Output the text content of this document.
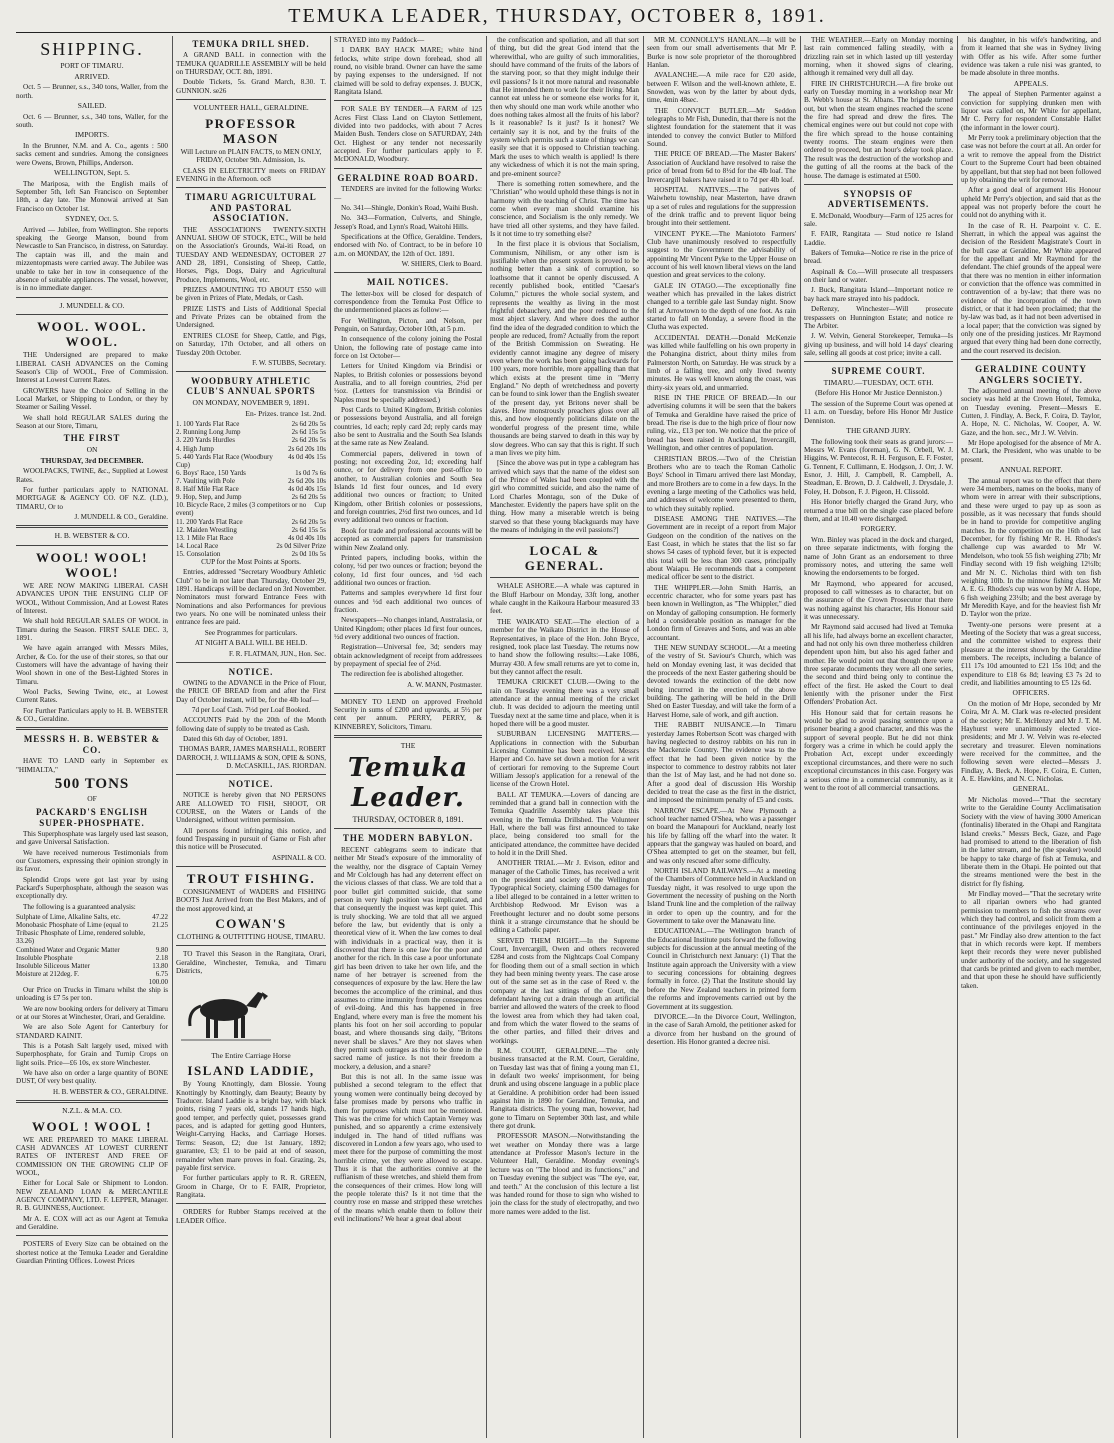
TEMUKA LEADER, THURSDAY, OCTOBER 8, 1891.
SHIPPING.
PORT OF TIMARU.
ARRIVED.

Oct. 5 — Brunner, s.s., 340 tons, Waller, from the north.

SAILED.

Oct. 6 — Brunner, s.s., 340 tons, Waller, for the south.

IMPORTS.

In the Brunner, N.M. and A. Co., agents : 500 sacks cement and sundries. Among the consignees were Owens, Brown, Phillips, Anderson.

WELLINGTON, Sept. 5.

The Mariposa, with the English mails of September 5th, left San Francisco on September 18th, a day late. The Monowai arrived at San Francisco on October 1st.

SYDNEY, Oct. 5.

Arrived — Jubilee, from Wellington. She reports speaking the George Manson, bound from Newcastle to San Francisco, in distress, on Saturday. The captain was ill, and the main and mizzentopmasts were carried away. The Jubilee was unable to take her in tow in consequence of the absence of suitable appliances. The vessel, however, is in no immediate danger.

J. MUNDELL & CO.
WOOL. WOOL. WOOL.

THE Undersigned are prepared to make LIBERAL CASH ADVANCES on the Coming Season's Clip of WOOL, Free of Commission. Interest at Lowest Current Rates.

GROWERS have the Choice of Selling in the Local Market, or Shipping to London, or they by Steamer or Sailing Vessel.

We shall hold REGULAR SALES during the Season at our Store, Timaru,

THE FIRST
ON
THURSDAY, 3rd DECEMBER.

WOOLPACKS, TWINE, &c., Supplied at Lowest Rates.

For further particulars apply to NATIONAL MORTGAGE & AGENCY CO. OF N.Z. (LD.), TIMARU, Or to

J. MUNDELL & CO., Geraldine.

H. B. WEBSTER & CO.
WOOL! WOOL! WOOL!

WE ARE NOW MAKING LIBERAL CASH ADVANCES UPON THE ENSUING CLIP OF WOOL, Without Commission, And at Lowest Rates of Interest.

We shall hold REGULAR SALES OF WOOL in Timaru during the Season. FIRST SALE DEC. 3, 1891.

We have again arranged with Messrs Miles, Archer, & Co. for the use of their stores, so that our Customers will have the advantage of having their Wool shown in one of the Best-Lighted Stores in Timaru.

Wool Packs, Sewing Twine, etc., at Lowest Current Rates.

For Further Particulars apply to H. B. WEBSTER & CO., Geraldine.

MESSRS H. B. WEBSTER & CO.

HAVE TO LAND early in September ex "HIMIALTA,"

500 TONS
OF
PACKARD'S ENGLISH SUPER-PHOSPHATE.

This Superphosphate was largely used last season, and gave Universal Satisfaction.

We have received numerous Testimonials from our Customers, expressing their opinion strongly in its favor.

Splendid Crops were got last year by using Packard's Superphosphate, although the season was exceptionally dry.

The following is a guaranteed analysis:

Sulphate of Lime, Alkaline Salts, etc.	47.22
Monobasic Phosphate of Lime (equal to Tribasic Phosphate of Lime, rendered soluble, 33.26)
21.25
Combined Water and Organic Matter	9.80
Insoluble Phosphate	2.18
Insoluble Siliceous Matter	13.80
Moisture at 212deg. F.	6.75
100.00

Our Price on Trucks in Timaru whilst the ship is unloading is £7 5s per ton.

We are now booking orders for delivery at Timaru or at our Stores at Winchester, Orari, and Geraldine.

We are also Sole Agent for Canterbury for STANDARD KAINIT.

This is a Potash Salt largely used, mixed with Superphosphate, for Grain and Turnip Crops on light soils. Price—£6 10s, ex store Winchester.

We have also on order a large quantity of BONE DUST, Of very best quality.

H. B. WEBSTER & CO., GERALDINE.

N.Z.L. & M.A. CO.
WOOL ! WOOL !

WE ARE PREPARED TO MAKE LIBERAL CASH ADVANCES AT LOWEST CURRENT RATES OF INTEREST AND FREE OF COMMISSION ON THE GROWING CLIP OF WOOL,

Either for Local Sale or Shipment to London. NEW ZEALAND LOAN & MERCANTILE AGENCY COMPANY, LTD. F. LEPPER, Manager. R. B. GUINNESS, Auctioneer.

Mr A. E. COX will act as our Agent at Temuka and Geraldine.

POSTERS of Every Size can be obtained on the shortest notice at the Temuka Leader and Geraldine Guardian Printing Offices. Lowest Prices

TEMUKA DRILL SHED.

A GRAND BALL in connection with the TEMUKA QUADRILLE ASSEMBLY will be held on THURSDAY, OCT. 8th, 1891.

Double Tickets, 5s. Grand March, 8.30. T. GUNNION. se26

VOLUNTEER HALL, GERALDINE.
PROFESSOR MASON

Will Lecture on PLAIN FACTS, to MEN ONLY, FRIDAY, October 9th. Admission, 1s.

CLASS IN ELECTRICITY meets on FRIDAY EVENING in the Afternoon. oc8

TIMARU AGRICULTURAL AND PASTORAL ASSOCIATION.

THE ASSOCIATION'S TWENTY-SIXTH ANNUAL SHOW OF STOCK, ETC., Will be held on the Association's Grounds, Wai-iti Road, on TUESDAY AND WEDNESDAY, OCTOBER 27 AND 28, 1891, Consisting of Sheep, Cattle, Horses, Pigs, Dogs, Dairy and Agricultural Produce, Implements, Wool, etc.

PRIZES AMOUNTING TO ABOUT £550 will be given in Prizes of Plate, Medals, or Cash.

PRIZE LISTS and Lists of Additional Special and Private Prizes can be obtained from the Undersigned.

ENTRIES CLOSE for Sheep, Cattle, and Pigs, on Saturday, 17th October, and all others on Tuesday 20th October.

F. W. STUBBS, Secretary.

WOODBURY ATHLETIC CLUB'S ANNUAL SPORTS
ON MONDAY, NOVEMBER 9, 1891.
En- Prizes. trance 1st. 2nd.
1. 100 Yards Flat Race	2s 6d 20s 5s
2. Running Long Jump	2s 6d 15s 5s
3. 220 Yards Hurdles	2s 6d 20s 5s
4. High Jump	2s 6d 20s 10s
5. 440 Yards Flat Race (Woodbury Cup)
4s 0d 40s 15s
6. Boys' Race, 150 Yards	1s 0d 7s 6s
7. Vaulting with Pole	2s 6d 20s 10s
8. Half Mile Flat Race	4s 0d 40s 15s
9. Hop, Step, and Jump	2s 6d 20s 5s
10. Bicycle Race, 2 miles (3 competitors or no event)
Cup
11. 200 Yards Flat Race	2s 6d 20s 5s
12. Maiden Wrestling	2s 6d 15s 5s
13. 1 Mile Flat Race	4s 0d 40s 10s
14. Local Race	2s 0d Silver Prize
15. Consolation	2s 0d 10s 5s

CUP for the Most Points at Sports.

Entries, addressed "Secretary Woodbury Athletic Club" to be in not later than Thursday, October 29, 1891. Handicaps will be declared on 3rd November. Nominators must forward Entrance Fees with Nominations and also Performances for previous two years. No one will be nominated unless their entrance fees are paid.

See Programmes for particulars.

AT NIGHT A BALL WILL BE HELD.

F. R. FLATMAN, JUN., Hon. Sec.

NOTICE.

OWING to the ADVANCE in the Price of Flour, the PRICE OF BREAD from and after the First Day of October instant, will be, for the 4lb loaf—

7d per Loaf Cash. 7½d per Loaf Booked.

ACCOUNTS Paid by the 20th of the Month following date of supply to be treated as Cash.

Dated this 6th day of October, 1891.

THOMAS BARR, JAMES MARSHALL, ROBERT DARROCH, J. WILLIAMS & SON, OPIE & SONS, D. McCASKILL, JAS. RIORDAN.

NOTICE.

NOTICE is hereby given that NO PERSONS ARE ALLOWED TO FISH, SHOOT, OR COURSE, on the Waters or Lands of the Undersigned, without written permission.

All persons found infringing this notice, and found Trespassing in pursuit of Game or Fish after this notice will be Prosecuted.

ASPINALL & CO.

TROUT FISHING.

CONSIGNMENT of WADERS and FISHING BOOTS Just Arrived from the Best Makers, and of the most approved kind, at

COWAN'S

CLOTHING & OUTFITTING HOUSE, TIMARU.

TO Travel this Season in the Rangitata, Orari, Geraldine, Winchester, Temuka, and Timaru Districts,

The Entire Carriage Horse
ISLAND LADDIE,

By Young Knottingly, dam Blossie. Young Knottingly by Knottingly, dam Beauty; Beauty by Traducer. Island Laddie is a bright bay, with black points, rising 7 years old, stands 17 hands high, good temper, and perfectly quiet, possesses grand paces, and is adapted for getting good Hunters, Weight-Carrying Hacks, and Carriage Horses. Terms: Season, £2; due 1st January, 1892; guarantee, £3; £1 to be paid at end of season, remainder when mare proves in foal. Grazing, 2s, payable first service.

For further particulars apply to R. R. GREEN, Groom in Charge, Or to F. FAIR, Proprietor, Rangitata.

ORDERS for Rubber Stamps received at the LEADER Office.

STRAYED into my Paddock—

1 DARK BAY HACK MARE; white hind fetlocks, white stripe down forehead, shod all round, no visible brand. Owner can have the same by paying expenses to the undersigned. If not claimed will be sold to defray expenses. J. BUCK, Rangitata Island.

FOR SALE BY TENDER—A FARM of 125 Acres First Class Land on Clayton Settlement, divided into two paddocks, with about 7 Acres Maiden Bush. Tenders close on SATURDAY, 24th Oct. Highest or any tender not necessarily accepted. For further particulars apply to F. McDONALD, Woodbury.

GERALDINE ROAD BOARD.

TENDERS are invited for the following Works:—

No. 341—Shingle, Donkin's Road, Waihi Bush.

No. 343—Formation, Culverts, and Shingle, Jessep's Road, and Lynn's Road, Waitohi Hills.

Specifications at the Office, Geraldine. Tenders, endorsed with No. of Contract, to be in before 10 a.m. on MONDAY, the 12th of Oct. 1891.

W. SHIERS, Clerk to Board.

MAIL NOTICES.

The letter-box will be closed for despatch of correspondence from the Temuka Post Office to the undermentioned places as follow:—

For Wellington, Picton, and Nelson, per Penguin, on Saturday, October 10th, at 5 p.m.

In consequence of the colony joining the Postal Union, the following rate of postage came into force on 1st October—

Letters for United Kingdom via Brindisi or Naples, to British colonies or possessions beyond Australia, and to all foreign countries, 2½d per ½oz. (Letters for transmission via Brindisi or Naples must be specially addressed.)

Post Cards to United Kingdom, British colonies or possessions beyond Australia, and all foreign countries, 1d each; reply card 2d; reply cards may also be sent to Australia and the South Sea Islands at the same rate as New Zealand.

Commercial papers, delivered in town of posting; not exceeding 2oz, 1d; exceeding half ounce, or for delivery from one post-office to another, to Australian colonies and South Sea Islands 1d first four ounces, and 1d every additional two ounces or fraction; to United Kingdom, other British colonies or possessions, and foreign countries, 2½d first two ounces, and 1d every additional two ounces or fraction.

Book for trade and professional accounts will be accepted as commercial papers for transmission within New Zealand only.

Printed papers, including books, within the colony, ½d per two ounces or fraction; beyond the colony, 1d first four ounces, and ½d each additional two ounces or fraction.

Patterns and samples everywhere 1d first four ounces and ½d each additional two ounces of fraction.

Newspapers—No changes inland, Australasia, or United Kingdom; other places 1d first four ounces, ½d every additional two ounces of fraction.

Registration—Universal fee, 3d; senders may obtain acknowledgment of receipt from addressees by prepayment of special fee of 2½d.

The redirection fee is abolished altogether.

A. W. MANN, Postmaster.

MONEY TO LEND on approved Freehold Security in sums of £200 and upwards, at 5½ per cent per annum. PERRY, PERRY, & KINNEBREY, Solicitors, Timaru.

THE
Temuka Leader.
THURSDAY, OCTOBER 8, 1891.
THE MODERN BABYLON.

RECENT cablegrams seem to indicate that neither Mr Stead's exposure of the immorality of the wealthy, nor the disgrace of Captain Verney and Mr Colclough has had any deterrent effect on the vicious classes of that class. We are told that a poor bullet girl committed suicide, that some person in very high position was implicated, and that consequently the inquest was kept quiet. This is truly shocking. We are told that all we argued before the law, but evidently that is only a theoretical view of it. When the law comes to deal with individuals in a practical way, then it is discovered that there is one law for the poor and another for the rich. In this case a poor unfortunate girl has been driven to take her own life, and the name of her betrayer is screened from the consequences of exposure by the law. Here the law becomes the accomplice of the criminal, and thus assumes to crime immunity from the consequences of evil-doing. And this has happened in free England, where every man is free the moment his plants his foot on her soil according to popular boast, and where thousands sing daily, "Britons never shall be slaves." Are they not slaves when they permit such outrages as this to be done in the sacred name of justice. Is not their freedom a mockery, a delusion, and a snare?

But this is not all. In the same issue was published a second telegram to the effect that young women were continually being decoyed by false promises made by persons who traffic in them for purposes which must not be mentioned. This was the crime for which Captain Verney was punished, and so apparently a crime extensively indulged in. The hand of titled ruffians was discovered in London a few years ago, who used to meet there for the purpose of committing the most horrible crime, yet they were allowed to escape. Thus it is that the authorities connive at the ruffianism of these wretches, and shield them from the consequences of their crimes. How long will the people tolerate this? Is it not time that the country rose en masse and stripped these wretches of the means which enable them to follow their evil inclinations? We hear a great deal about

the confiscation and spoliation, and all that sort of thing, but did the great God intend that the wherewithal, who are guilty of such immoralities, should have command of the fruits of the labors of the starving poor, so that they might indulge their evil passions? Is it not more natural and reasonable that He intended them to work for their living. Man cannot eat unless he or someone else works for it, then why should one man work while another who does nothing takes almost all the fruits of his labor? Is it reasonable? Is it just? Is it honest? We certainly say it is not, and by the fruits of the system which permits such a state of things we can easily see that it is opposed to Christian teaching. Mark the uses to which wealth is applied! Is there any wickedness of which it is not the main spring, and pre-eminent source?

There is something rotten somewhere, and the "Christian" who would uphold these things is not in harmony with the teaching of Christ. The time has come when every man should examine his conscience, and Socialism is the only remedy. We have tried all other systems, and they have failed. Is it not time to try something else?

In the first place it is obvious that Socialism, Communism, Nihilism, or any other ism is justifiable when the present system is proved to be nothing better than a sink of corruption, so loathsome that it cannot be openly discussed. A recently published book, entitled "Caesar's Column," pictures the whole social system, and represents the wealthy as living in the most frightful debauchery, and the poor reduced to the most abject slavery. And where does the author find the idea of the degraded condition to which the people are reduced, from? Actually from the report of the British Commission on Sweating. He evidently cannot imagine any degree of misery even where the work has been going backwards for 100 years, more horrible, more appalling than that which exists at the present time in "Merry England." No depth of wretchedness and poverty can be found to sink lower than the English sweater of the present day, yet Britons never shall be slaves. How monstrously preachers gloss over all this, and how eloquently politicians dilate on the wonderful progress of the present time, while thousands are being starved to death in this way by slow degrees. Who can say that this is right. If such a man lives we pity him.

[Since the above was put in type a cablegram has arrived which says that the name of the eldest son of the Prince of Wales had been coupled with the girl who committed suicide, and also the name of Lord Charles Montagu, son of the Duke of Manchester. Evidently the papers have split on the thing. How many a miserable wretch is being starved so that these young blackguards may have the means of indulging in the evil passions?]

LOCAL & GENERAL.

WHALE ASHORE.—A whale was captured in the Bluff Harbour on Monday, 33ft long, another whale caught in the Kaikoura Harbour measured 33 feet.

THE WAIKATO SEAT.—The election of a member for the Waikato District in the House of Representatives, in place of the Hon. John Bryce, resigned, took place last Tuesday. The returns now to hand show the following results:—Lake 1086, Murray 430. A few small returns are yet to come in, but they cannot affect the result.

TEMUKA CRICKET CLUB.—Owing to the rain on Tuesday evening there was a very small attendance at the annual meeting of the cricket club. It was decided to adjourn the meeting until Tuesday next at the same time and place, when it is hoped there will be a good muster.

SUBURBAN LICENSING MATTERS.—Applications in connection with the Suburban Licensing Committee has been received. Messrs Harper and Co. have set down a motion for a writ of certiorari for removing to the Supreme Court William Jessop's application for a renewal of the license of the Crown Hotel.

BALL AT TEMUKA.—Lovers of dancing are reminded that a grand ball in connection with the Temuka Quadrille Assembly takes place this evening in the Temuka Drillshed. The Volunteer Hall, where the ball was first announced to take place, being considered too small for the anticipated attendance, the committee have decided to hold it in the Drill Shed.

ANOTHER TRIAL.—Mr J. Evison, editor and manager of the Catholic Times, has received a writ on the president and society of the Wellington Typographical Society, claiming £500 damages for a libel alleged to be contained in a letter written to Archbishop Redwood. Mr Evison was a Freethought lecturer and no doubt some persons think it a strange circumstance that he should be editing a Catholic paper.

SERVED THEM RIGHT.—In the Supreme Court, Invercargill, Owen and others recovered £284 and costs from the Nightcaps Coal Company for flooding them out of a small section in which they had been mining twenty years. The case arose out of the same set as in the case of Reed v. the company at the last sittings of the Court, the defendant having cut a drain through an artificial barrier and allowed the waters of the creek to flood the lowest area from which they had taken coal, and from which the water flowed to the seams of the other parties, and filled their drives and workings.

R.M. COURT, GERALDINE.—The only business transacted at the R.M. Court, Geraldine, on Tuesday last was that of fining a young man £1, in default two weeks' imprisonment, for being drunk and using obscene language in a public place at Geraldine. A prohibition order had been issued against him in 1890 for Geraldine, Temuka, and Rangitata districts. The young man, however, had gone to Timaru on September 30th last, and while there got drunk.

PROFESSOR MASON.—Notwithstanding the wet weather on Monday there was a large attendance at Professor Mason's lecture in the Volunteer Hall, Geraldine. Monday evening's lecture was on "The blood and its functions," and on Tuesday evening the subject was "The eye, ear, and teeth." At the conclusion of this lecture a list was handed round for those to sign who wished to join the class for the study of electropathy, and two more names were added to the list.

MR M. CONNOLLY'S HANLAN.—It will be seen from our small advertisements that Mr P. Burke is now sole proprietor of the thoroughbred Hanlan.

AVALANCHE.—A mile race for £20 aside, between F. Wilson and the well-known athlete, E. Snowden, was won by the latter by about dyds, time, 4min 48sec.

THE CONVICT BUTLER.—Mr Seddon telegraphs to Mr Fish, Dunedin, that there is not the slightest foundation for the statement that it was intended to convey the convict Butler to Milford Sound.

THE PRICE OF BREAD.—The Master Bakers' Association of Auckland have resolved to raise the price of bread from 6d to 8½d for the 4lb loaf. The Invercargill bakers have raised it to 7d per 4lb loaf.

HOSPITAL NATIVES.—The natives of Waiwhetu township, near Masterton, have drawn up a set of rules and regulations for the suppression of the drink traffic and to prevent liquor being brought into their settlement.

VINCENT PYKE.—The Maniototo Farmers' Club have unanimously resolved to respectfully suggest to the Government the advisability of appointing Mr Vincent Pyke to the Upper House on account of his well known liberal views on the land question and great services to the colony.

GALE IN OTAGO.—The exceptionally fine weather which has prevailed in the lakes district changed to a terrible gale last Sunday night. Snow fell at Arrowtown to the depth of one foot. As rain started to fall on Monday, a severe flood in the Clutha was expected.

ACCIDENTAL DEATH.—Donald McKenzie was killed while faulfelling on his own property in the Pohangina district, about thirty miles from Palmerston North, on Saturday. He was struck by a limb of a falling tree, and only lived twenty minutes. He was well known along the coast, was thirty-six years old, and unmarried.

RISE IN THE PRICE OF BREAD.—In our advertising columns it will be seen that the bakers of Temuka and Geraldine have raised the price of bread. The rise is due to the high price of flour now ruling, viz., £13 per ton. We notice that the price of bread has been raised in Auckland, Invercargill, Wellington, and other centres of population.

CHRISTIAN BROS.—Two of the Christian Brothers who are to teach the Roman Catholic Boys' School in Timaru arrived there last Monday, and more Brothers are to come in a few days. In the evening a large meeting of the Catholics was held, and addresses of welcome were presented to them, to which they suitably replied.

DISEASE AMONG THE NATIVES.—The Government are in receipt of a report from Major Gudgeon on the condition of the natives on the East Coast, in which he states that the list so far shows 54 cases of typhoid fever, but it is expected this total will be less than 300 cases, principally about Waiapu. He recommends that a competent medical officer be sent to the district.

THE WHIPPLER.—John Smith Harris, an eccentric character, who for some years past has been known in Wellington, as "The Whippler," died on Monday of galloping consumption. He formerly held a considerable position as manager for the London firm of Greaves and Sons, and was an able accountant.

THE NEW SUNDAY SCHOOL.—At a meeting of the vestry of St. Saviour's Church, which was held on Monday evening last, it was decided that the proceeds of the next Easter gathering should be devoted towards the extinction of the debt now being incurred in the erection of the above building. The gathering will be held in the Drill Shed on Easter Tuesday, and will take the form of a Harvest Home, sale of work, and gift auction.

THE RABBIT NUISANCE.—In Timaru yesterday James Robertson Scott was charged with having neglected to destroy rabbits on his run in the Mackenzie Country. The evidence was to the effect that he had been given notice by the inspector to commence to destroy rabbits not later than the 1st of May last, and he had not done so. After a good deal of discussion His Worship decided to treat the case as the first in the district, and imposed the minimum penalty of £5 and costs.

NARROW ESCAPE.—At New Plymouth a school teacher named O'Shea, who was a passenger on board the Manapouri for Auckland, nearly lost his life by falling off the wharf into the water. It appears that the gangway was hauled on board, and O'Shea attempted to get on the steamer, but fell, and was only rescued after some difficulty.

NORTH ISLAND RAILWAYS.—At a meeting of the Chambers of Commerce held in Auckland on Tuesday night, it was resolved to urge upon the Government the necessity of pushing on the North Island Trunk line and the completion of the railway in order to open up the country, and for the Government to take over the Manawatu line.

EDUCATIONAL.—The Wellington branch of the Educational Institute puts forward the following subjects for discussion at the annual meeting of the Council in Christchurch next January: (1) That the Institute again approach the University with a view to securing concessions for obtaining degrees formally in force. (2) That the Institute should lay before the New Zealand teachers in printed form the reforms and improvements carried out by the Government at its suggestion.

DIVORCE.—In the Divorce Court, Wellington, in the case of Sarah Arnold, the petitioner asked for a divorce from her husband on the ground of desertion. His Honor granted a decree nisi.

THE WEATHER.—Early on Monday morning last rain commenced falling steadily, with a drizzling rain set in which lasted up till yesterday morning, when it showed signs of clearing, although it remained very dull all day.

FIRE IN CHRISTCHURCH.—A fire broke out early on Tuesday morning in a workshop near Mr B. Webb's house at St. Albans. The brigade turned out, but when the steam engines reached the scene the fire had spread and drew the fires. The chemical engines were out but could not cope with the fire which spread to the house containing twenty rooms. The steam engines were then ordered to proceed, but an hour's delay took place. The result was the destruction of the workshop and the gutting of all the rooms at the back of the house. The damage is estimated at £500.

SYNOPSIS OF ADVERTISEMENTS.

E. McDonald, Woodbury—Farm of 125 acres for sale.

F. FAIR, Rangitata — Stud notice re Island Laddie.

Bakers of Temuka—Notice re rise in the price of bread.

Aspinall & Co.—Will prosecute all trespassers on their land or water.

J. Buck, Rangitata Island—Important notice re bay hack mare strayed into his paddock.

DeRenzy, Winchester—Will prosecute trespassers on Hunnington Estate; and notice re The Arbiter.

J. W. Velvin, General Storekeeper, Temuka—Is giving up business, and will hold 14 days' clearing sale, selling all goods at cost price; invite a call.

SUPREME COURT.
TIMARU.—TUESDAY, OCT. 6TH.
(Before His Honor Mr Justice Denniston.)

The session of the Supreme Court was opened at 11 a.m. on Tuesday, before His Honor Mr Justice Denniston.

THE GRAND JURY.

The following took their seats as grand jurors:—Messrs W. Evans (foreman), G. N. Orbell, W. J. Higgins, W. Pentecost, R. H. Ferguson, E. F. Foster, G. Tennent, F. Cullimann, E. Hodgson, J. Orr, J. W. Esnor, J. Hill, J. Campbell, R. Campbell, A. Steadman, E. Brown, D. J. Caldwell, J. Drysdale, J. Foley, H. Dobson, F. J. Pigeon, H. Clissold.

His Honor briefly charged the Grand Jury, who returned a true bill on the single case placed before them, and at 10.40 were discharged.

FORGERY.

Wm. Binley was placed in the dock and charged, on three separate indictments, with forging the name of John Grant as an endorsement to three promissory notes, and uttering the same well knowing the endorsements to be forged.

Mr Raymond, who appeared for accused, proposed to call witnesses as to character, but on the assurance of the Crown Prosecutor that there was nothing against his character, His Honour said it was unnecessary.

Mr Raymond said accused had lived at Temuka all his life, had always borne an excellent character, and had not only his own three motherless children dependent upon him, but also his aged father and mother. He would point out that though there were three separate documents they were all one series, the second and third being only to continue the effect of the first. He asked the Court to deal leniently with the prisoner under the First Offenders' Probation Act.

His Honour said that for certain reasons he would be glad to avoid passing sentence upon a prisoner bearing a good character, and this was the support of several people. But he did not think forgery was a crime in which he could apply the Probation Act, except under exceedingly exceptional circumstances, and there were no such exceptional circumstances in this case. Forgery was a serious crime in a commercial community, as it went to the root of all commercial transactions.

his daughter, in his wife's handwriting, and from it learned that she was in Sydney living with Offer as his wife. After some further evidence was taken a rule nisi was granted, to be made absolute in three months.

APPEALS.

The appeal of Stephen Parmenter against a conviction for supplying drunken men with liquor was called on, Mr White for appellant, Mr C. Perry for respondent Constable Hallet (the informant in the lower court).

Mr Perry took a preliminary objection that the case was not before the court at all. An order for a writ to remove the appeal from the District Court to the Supreme Court had been obtained by appellant, but that step had not been followed up by obtaining the writ for removal.

After a good deal of argument His Honour upheld Mr Perry's objection, and said that as the appeal was not properly before the court he could not do anything with it.

In the case of R. H. Pearpoint v. C. E. Sherratt, in which the appeal was against the decision of the Resident Magistrate's Court in the bull case at Geraldine, Mr White appeared for the appellant and Mr Raymond for the defendant. The chief grounds of the appeal were that there was no mention in either information or conviction that the offence was committed in contravention of a by-law; that there was no evidence of the incorporation of the town district, or that it had been proclaimed; that the by-law was bad, as it had not been advertised in a local paper; that the conviction was signed by only one of the presiding justices. Mr Raymond argued that every thing had been done correctly, and the court reserved its decision.

GERALDINE COUNTY ANGLERS SOCIETY.

The adjourned annual meeting of the above society was held at the Crown Hotel, Temuka, on Tuesday evening. Present—Messrs E. Cutten, J. Findlay, A. Beck, F. Coira, D. Taylor, A. Hope, N. C. Nicholas, W. Cooper, A. W. Gaze, and the hon. sec., Mr J. W. Velvin.

Mr Hope apologised for the absence of Mr A. M. Clark, the President, who was unable to be present.

ANNUAL REPORT.

The annual report was to the effect that there were 34 members, names on the books, many of whom were in arrear with their subscriptions, and these were urged to pay up as soon as possible, as it was necessary that funds should be in hand to provide for competitive angling matches. In the competition on the 16th of last December, for fly fishing Mr R. H. Rhodes's challenge cup was awarded to Mr W. Mendelson, who took 55 fish weighing 27lb; Mr Findlay second with 19 fish weighing 12½lb; and Mr N. C. Nicholas third with ten fish weighing 10lb. In the minnow fishing class Mr A. E. G. Rhodes's cup was won by Mr A. Hope, 6 fish weighing 23½lb; and the best average by Mr Meredith Kaye, and for the heaviest fish Mr D. Taylor won the prize.

Twenty-one persons were present at a Meeting of the Society that was a great success, and the committee wished to express their pleasure at the interest shown by the Geraldine members. The receipts, including a balance of £11 17s 10d amounted to £21 15s 10d; and the expenditure to £18 6s 8d; leaving £3 7s 2d to credit, and liabilities amounting to £5 12s 6d.

OFFICERS.

On the motion of Mr Hope, seconded by Mr Coira, Mr A. M. Clark was re-elected president of the society; Mr E. McHenzy and Mr J. T. M. Hayhurst were unanimously elected vice-presidents; and Mr J. W. Velvin was re-elected secretary and treasurer. Eleven nominations were received for the committee, and the following seven were elected—Messrs J. Findlay, A. Beck, A. Hope, F. Coira, E. Cutten, A. E. Hawkins, and N. C. Nicholas.

GENERAL.

Mr Nicholas moved—"That the secretary write to the Geraldine County Acclimatisation Society with the view of having 3000 American (fontinalis) liberated in the Ohapi and Rangitata Island creeks." Messrs Beck, Gaze, and Page had promised to attend to the liberation of fish in the latter stream, and he (the speaker) would be happy to take charge of fish at Temuka, and liberate them in the Ohapi. He pointed out that the streams mentioned were the best in the district for fly fishing.

Mr Findlay moved—"That the secretary write to all riparian owners who had granted permission to members to fish the streams over which they had control, and solicit from them a continuance of the privileges enjoyed in the past." Mr Findlay also drew attention to the fact that in which records were kept. If members kept their records they were never published under authority of the society, and he suggested that cards be printed and given to each member, and that upon these he should have sufficiently taken.
